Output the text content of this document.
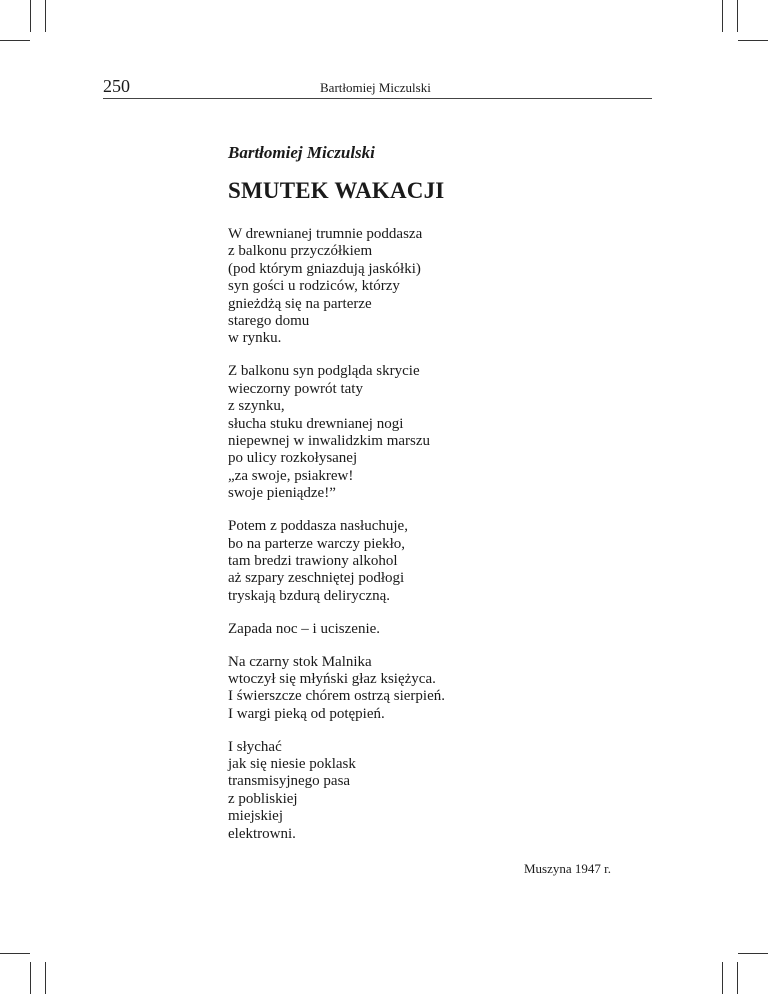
250	Bartłomiej Miczulski
Bartłomiej Miczulski
SMUTEK WAKACJI
W drewnianej trumnie poddasza
z balkonu przyczółkiem
(pod którym gniazdują jaskółki)
syn gości u rodziców, którzy
gnieżdżą się na parterze
starego domu
w rynku.
Z balkonu syn podgląda skrycie
wieczorny powrót taty
z szynku,
słucha stuku drewnianej nogi
niepewnej w inwalidzkim marszu
po ulicy rozkołysanej
„za swoje, psiakrew!
swoje pieniądze!”
Potem z poddasza nasłuchuje,
bo na parterze warczy piekło,
tam bredzi trawiony alkohol
aż szpary zeschniętej podłogi
tryskają bzdurą deliryczną.
Zapada noc – i uciszenie.
Na czarny stok Malnika
wtoczył się młyński głaz księżyca.
I świerszcze chórem ostrzą sierpień.
I wargi pieką od potępień.
I słychać
jak się niesie poklask
transmisyjnego pasa
z pobliskiej
miejskiej
elektrowni.
Muszyna 1947 r.
